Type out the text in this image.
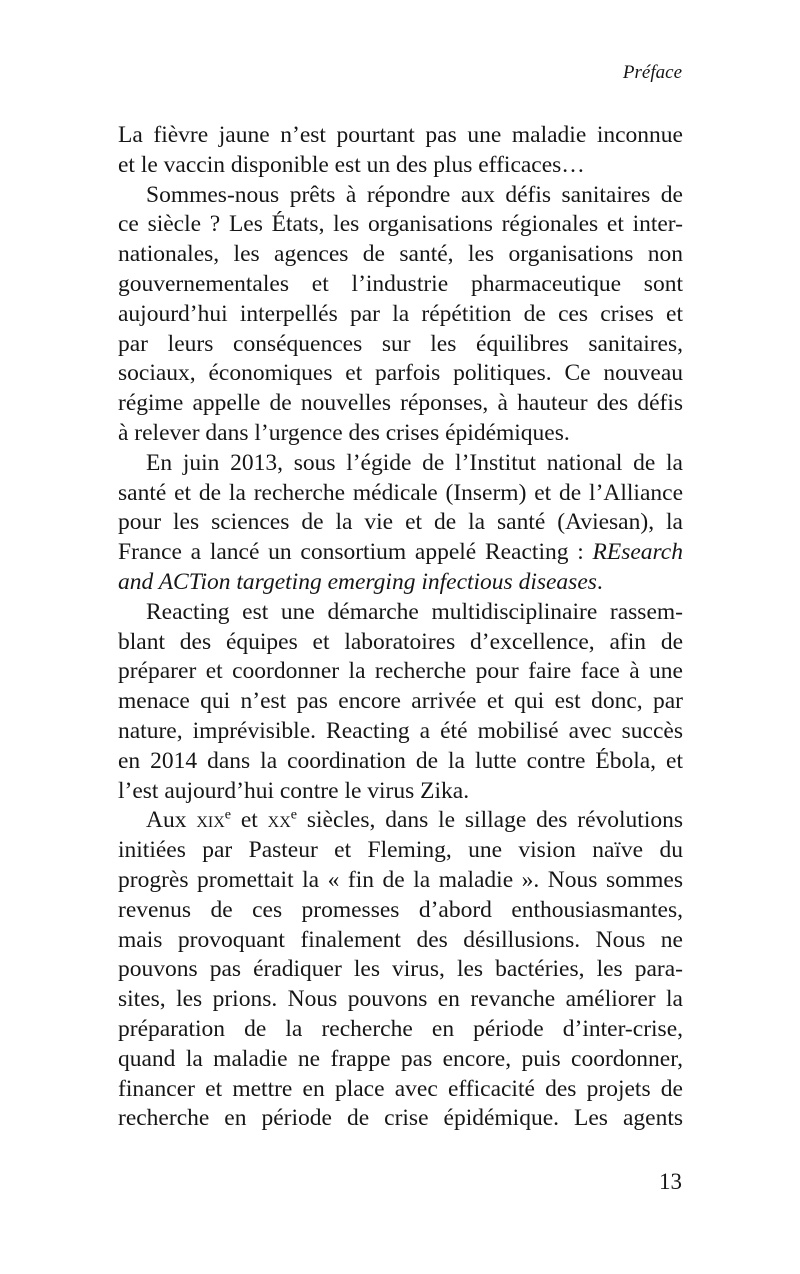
Préface
La fièvre jaune n’est pourtant pas une maladie inconnue
et le vaccin disponible est un des plus efficaces…
Sommes-nous prêts à répondre aux défis sanitaires de
ce siècle ? Les États, les organisations régionales et inter-
nationales, les agences de santé, les organisations non
gouvernementales et l’industrie pharmaceutique sont
aujourd’hui interpellés par la répétition de ces crises et
par leurs conséquences sur les équilibres sanitaires,
sociaux, économiques et parfois politiques. Ce nouveau
régime appelle de nouvelles réponses, à hauteur des défis
à relever dans l’urgence des crises épidémiques.
En juin 2013, sous l’égide de l’Institut national de la
santé et de la recherche médicale (Inserm) et de l’Alliance
pour les sciences de la vie et de la santé (Aviesan), la
France a lancé un consortium appelé Reacting : REsearch
and ACTion targeting emerging infectious diseases.
Reacting est une démarche multidisciplinaire rassem-
blant des équipes et laboratoires d’excellence, afin de
préparer et coordonner la recherche pour faire face à une
menace qui n’est pas encore arrivée et qui est donc, par
nature, imprévisible. Reacting a été mobilisé avec succès
en 2014 dans la coordination de la lutte contre Ébola, et
l’est aujourd’hui contre le virus Zika.
Aux xix$^e$ et $xx^e$ siècles, dans le sillage des révolutions
initiées par Pasteur et Fleming, une vision naïve du
progrès promettait la « fin de la maladie ». Nous sommes
revenus de ces promesses d’abord enthousiasmantes,
mais provoquant finalement des désillusions. Nous ne
pouvons pas éradiquer les virus, les bactéries, les para-
sites, les prions. Nous pouvons en revanche améliorer la
préparation de la recherche en période d’inter-crise,
quand la maladie ne frappe pas encore, puis coordonner,
financer et mettre en place avec efficacité des projets de
recherche en période de crise épidémique. Les agents
13
